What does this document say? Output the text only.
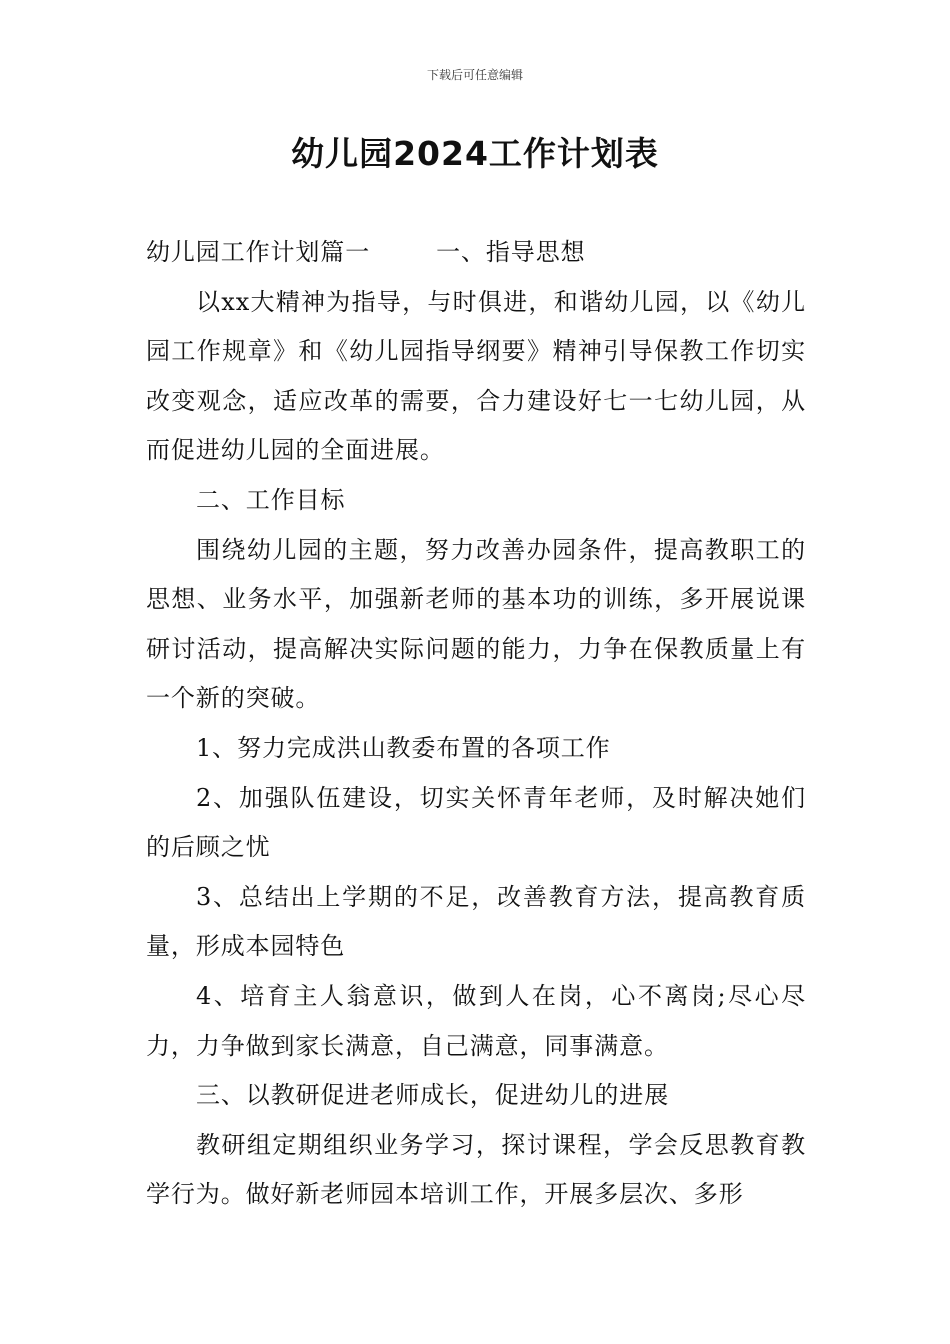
下载后可任意编辑
幼儿园2024工作计划表

幼儿园工作计划篇一	一、指导思想

以xx大精神为指导，与时俱进，和谐幼儿园，以《幼儿园工作规章》和《幼儿园指导纲要》精神引导保教工作切实改变观念，适应改革的需要，合力建设好七一七幼儿园，从而促进幼儿园的全面进展。

二、工作目标

围绕幼儿园的主题，努力改善办园条件，提高教职工的思想、业务水平，加强新老师的基本功的训练，多开展说课研讨活动，提高解决实际问题的能力，力争在保教质量上有一个新的突破。

1、努力完成洪山教委布置的各项工作

2、加强队伍建设，切实关怀青年老师，及时解决她们的后顾之忧

3、总结出上学期的不足，改善教育方法，提高教育质量，形成本园特色

4、培育主人翁意识，做到人在岗，心不离岗;尽心尽力，力争做到家长满意，自己满意，同事满意。

三、以教研促进老师成长，促进幼儿的进展

教研组定期组织业务学习，探讨课程，学会反思教育教学行为。做好新老师园本培训工作，开展多层次、多形
